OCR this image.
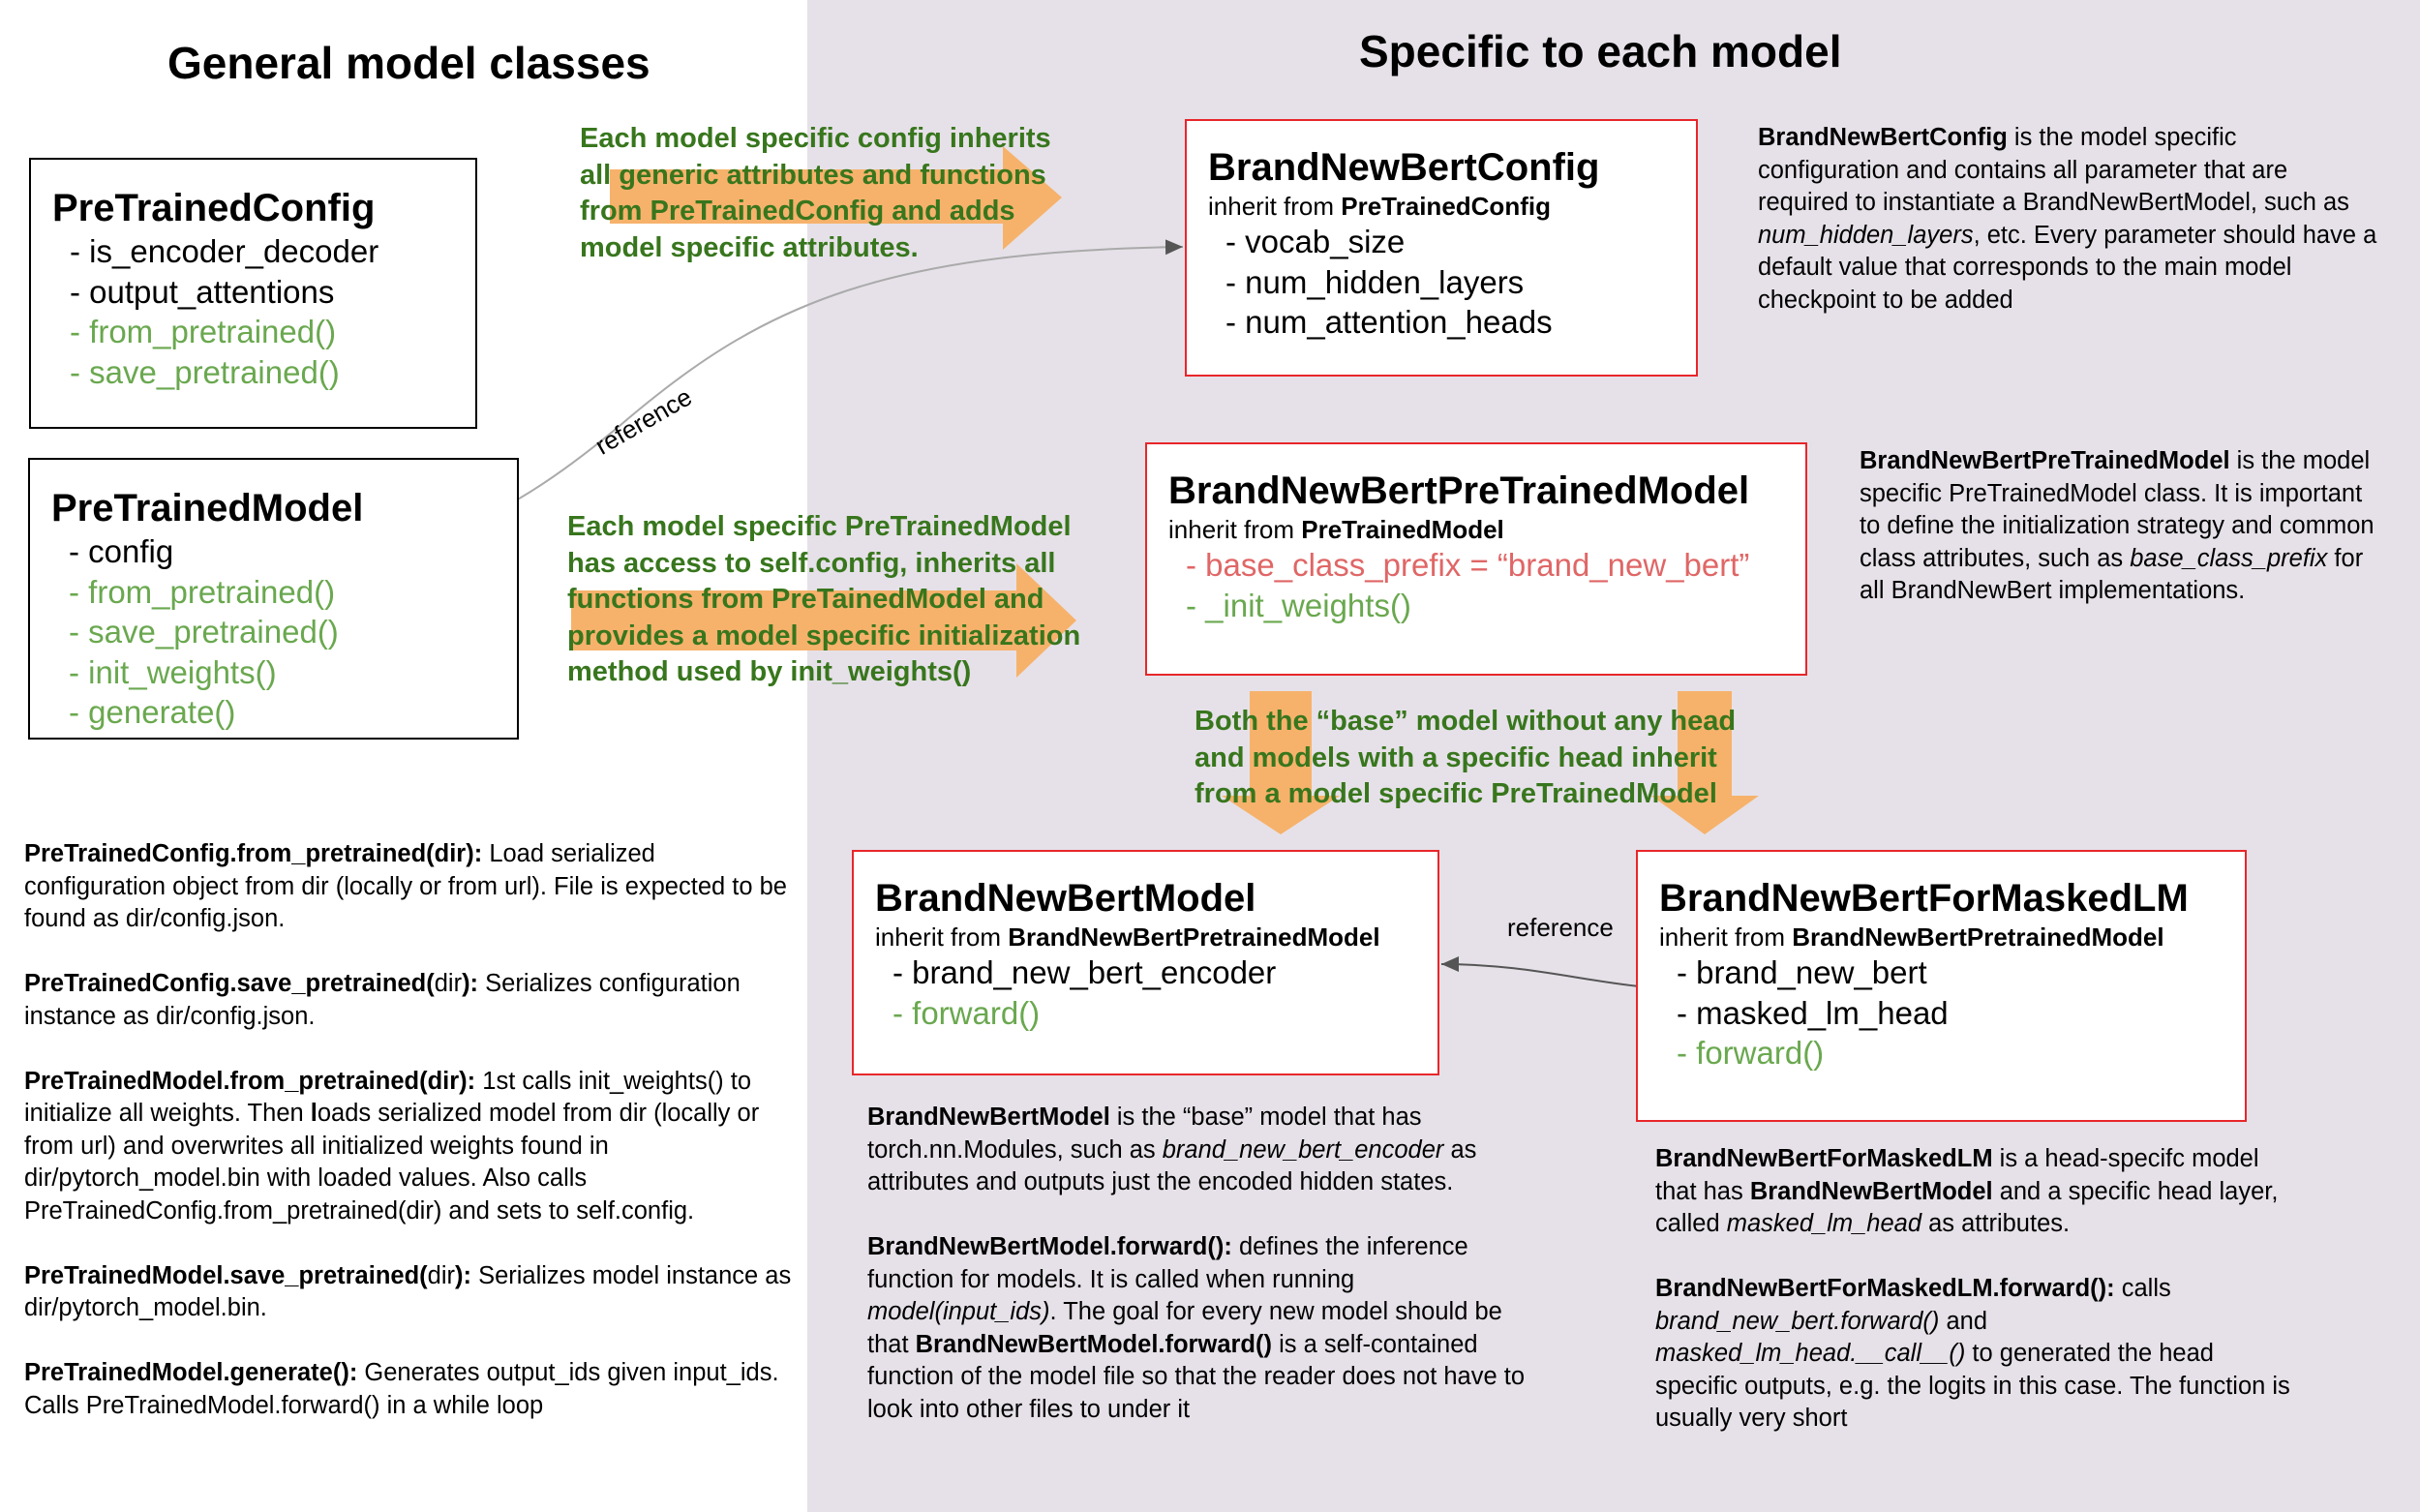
General model classes	Specific to each model
Each model specific config inherits
all generic attributes and functions
from PreTrainedConfig and adds
model specific attributes.
Each model specific PreTrainedModel
has access to self.config, inherits all
functions from PreTainedModel and
provides a model specific initialization
method used by init_weights()
Both the “base” model without any head
and models with a specific head inherit
from a model specific PreTrainedModel
reference
reference
PreTrainedConfig
- is_encoder_decoder
- output_attentions
- from_pretrained()
- save_pretrained()
PreTrainedModel
- config
- from_pretrained()
- save_pretrained()
- init_weights()
- generate()
BrandNewBertConfig
inherit from PreTrainedConfig
- vocab_size
- num_hidden_layers
- num_attention_heads
BrandNewBertPreTrainedModel
inherit from PreTrainedModel
- base_class_prefix = “brand_new_bert”
- _init_weights()
BrandNewBertModel
inherit from BrandNewBertPretrainedModel
- brand_new_bert_encoder
- forward()
BrandNewBertForMaskedLM
inherit from BrandNewBertPretrainedModel
- brand_new_bert
- masked_lm_head
- forward()

BrandNewBertConfig is the model specific configuration and contains all parameter that are required to instantiate a BrandNewBertModel, such as num_hidden_layers, etc. Every parameter should have a default value that corresponds to the main model checkpoint to be added

BrandNewBertPreTrainedModel is the model specific PreTrainedModel class. It is important to define the initialization strategy and common class attributes, such as base_class_prefix for all BrandNewBert implementations.

BrandNewBertModel is the “base” model that has torch.nn.Modules, such as brand_new_bert_encoder as attributes and outputs just the encoded hidden states.

BrandNewBertModel.forward(): defines the inference function for models. It is called when running model(input_ids). The goal for every new model should be that BrandNewBertModel.forward() is a self-contained function of the model file so that the reader does not have to look into other files to under it

BrandNewBertForMaskedLM is a head-specifc model that has BrandNewBertModel and a specific head layer, called masked_lm_head as attributes.

BrandNewBertForMaskedLM.forward(): calls brand_new_bert.forward() and masked_lm_head.__call__() to generated the head specific outputs, e.g. the logits in this case. The function is usually very short

PreTrainedConfig.from_pretrained(dir): Load serialized configuration object from dir (locally or from url). File is expected to be found as dir/config.json.

PreTrainedConfig.save_pretrained(dir): Serializes configuration instance as dir/config.json.

PreTrainedModel.from_pretrained(dir): 1st calls init_weights() to initialize all weights. Then loads serialized model from dir (locally or from url) and overwrites all initialized weights found in dir/pytorch_model.bin with loaded values. Also calls PreTrainedConfig.from_pretrained(dir) and sets to self.config.

PreTrainedModel.save_pretrained(dir): Serializes model instance as dir/pytorch_model.bin.

PreTrainedModel.generate(): Generates output_ids given input_ids. Calls PreTrainedModel.forward() in a while loop
